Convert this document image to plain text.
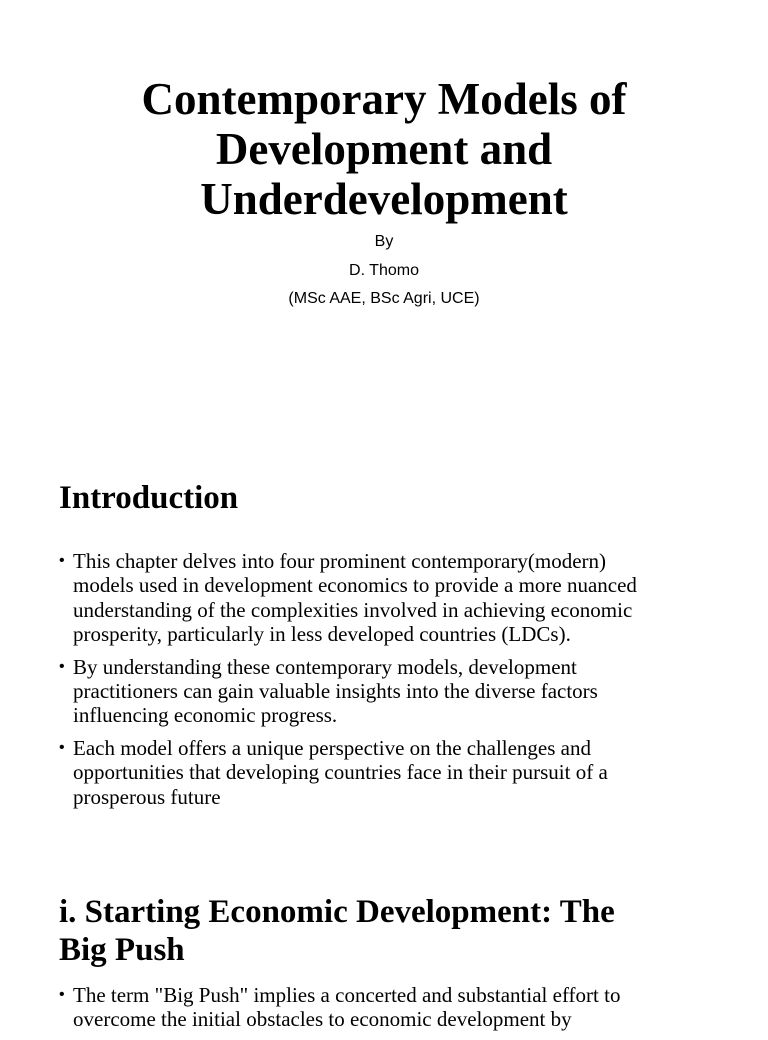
Contemporary Models of
Development and
Underdevelopment
By
D. Thomo
(MSc AAE, BSc Agri, UCE)
Introduction
• This chapter delves into four prominent contemporary(modern)
models used in development economics to provide a more nuanced
understanding of the complexities involved in achieving economic
prosperity, particularly in less developed countries (LDCs).
• By understanding these contemporary models, development
practitioners can gain valuable insights into the diverse factors
influencing economic progress.
• Each model offers a unique perspective on the challenges and
opportunities that developing countries face in their pursuit of a
prosperous future
i. Starting Economic Development: The
Big Push
• The term "Big Push" implies a concerted and substantial effort to
overcome the initial obstacles to economic development by
